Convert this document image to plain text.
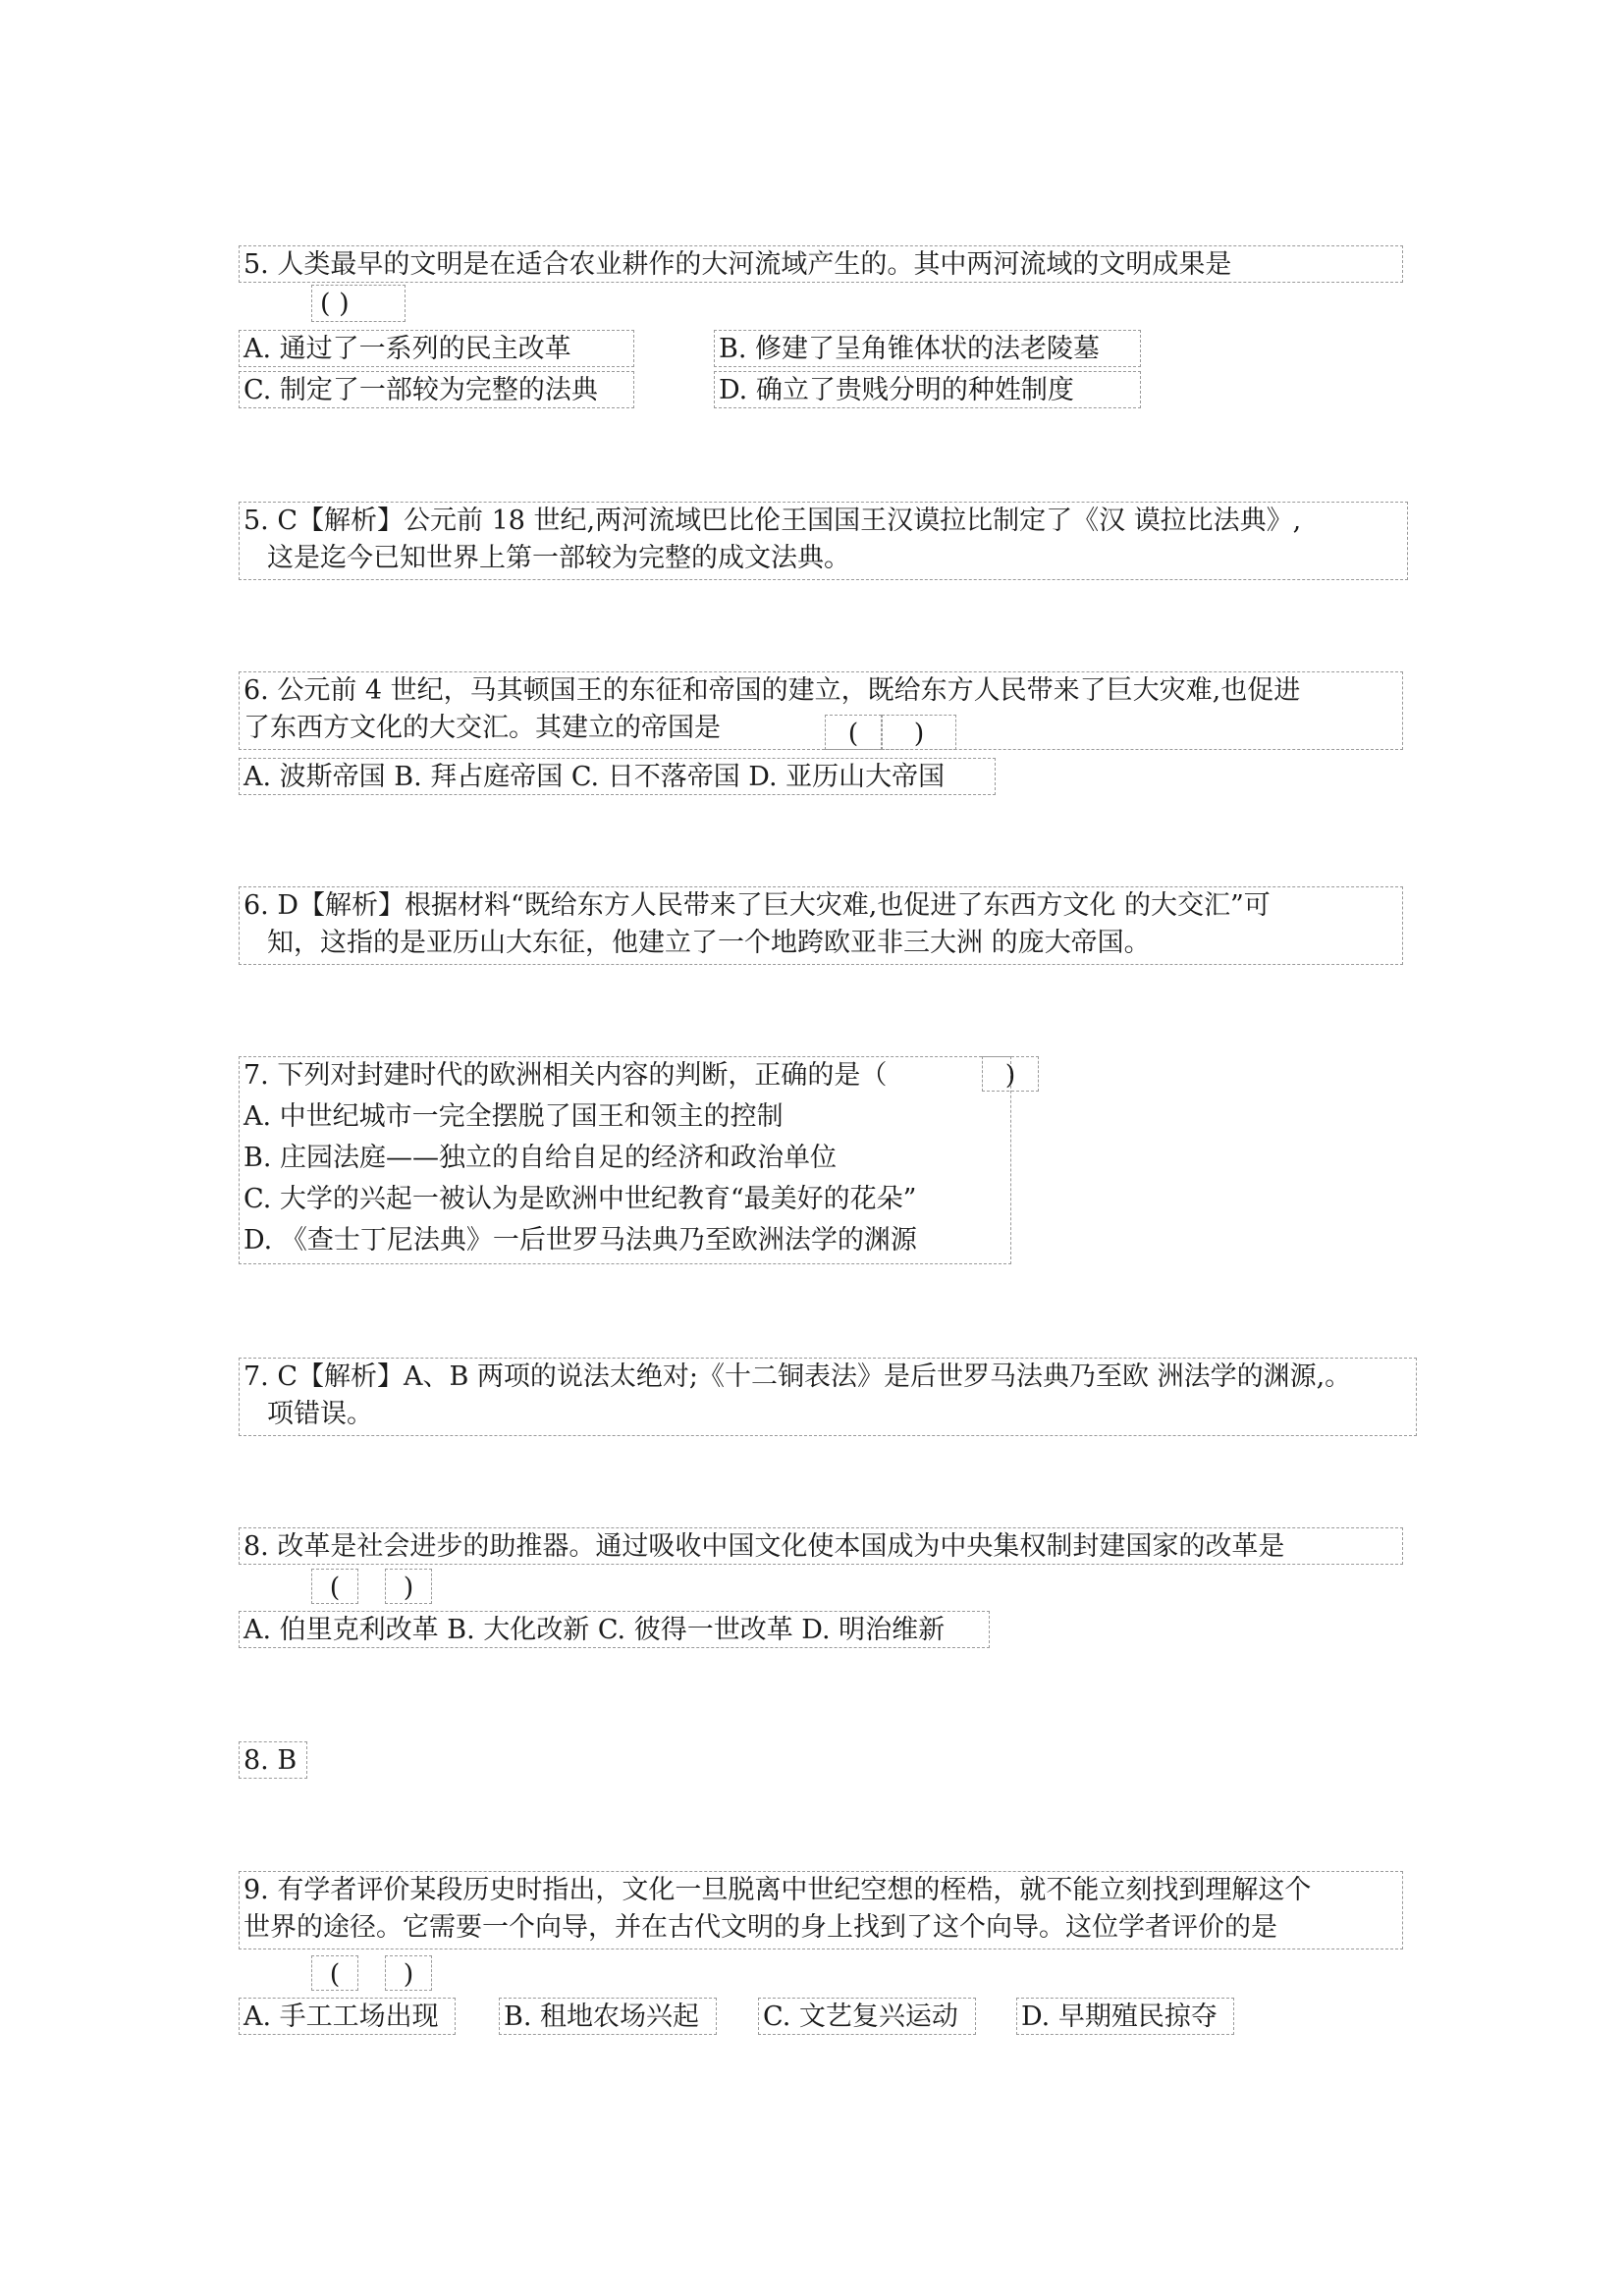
5. 人类最早的文明是在适合农业耕作的大河流域产生的。其中两河流域的文明成果是
( )
A. 通过了一系列的民主改革	B. 修建了呈角锥体状的法老陵墓
C. 制定了一部较为完整的法典	D. 确立了贵贱分明的种姓制度
5. C【解析】公元前 18 世纪,两河流域巴比伦王国国王汉谟拉比制定了《汉 谟拉比法典》,
这是迄今已知世界上第一部较为完整的成文法典。
6. 公元前 4 世纪，马其顿国王的东征和帝国的建立，既给东方人民带来了巨大灾难,也促进
了东西方文化的大交汇。其建立的帝国是	(	)
A. 波斯帝国 B. 拜占庭帝国 C. 日不落帝国 D. 亚历山大帝国
6. D【解析】根据材料“既给东方人民带来了巨大灾难,也促进了东西方文化 的大交汇”可
知，这指的是亚历山大东征，他建立了一个地跨欧亚非三大洲 的庞大帝国。
7. 下列对封建时代的欧洲相关内容的判断，正确的是（
A. 中世纪城市一完全摆脱了国王和领主的控制
B. 庄园法庭——独立的自给自足的经济和政治单位
C. 大学的兴起一被认为是欧洲中世纪教育“最美好的花朵”
D. 《查士丁尼法典》一后世罗马法典乃至欧洲法学的渊源
)
7. C【解析】A、B 两项的说法太绝对;《十二铜表法》是后世罗马法典乃至欧 洲法学的渊源,。
项错误。
8. 改革是社会进步的助推器。通过吸收中国文化使本国成为中央集权制封建国家的改革是
(	)
A. 伯里克利改革 B. 大化改新 C. 彼得一世改革 D. 明治维新
8. B
9. 有学者评价某段历史时指出，文化一旦脱离中世纪空想的桎梏，就不能立刻找到理解这个
世界的途径。它需要一个向导，并在古代文明的身上找到了这个向导。这位学者评价的是
(	)
A. 手工工场出现	B. 租地农场兴起	C. 文艺复兴运动	D. 早期殖民掠夺
